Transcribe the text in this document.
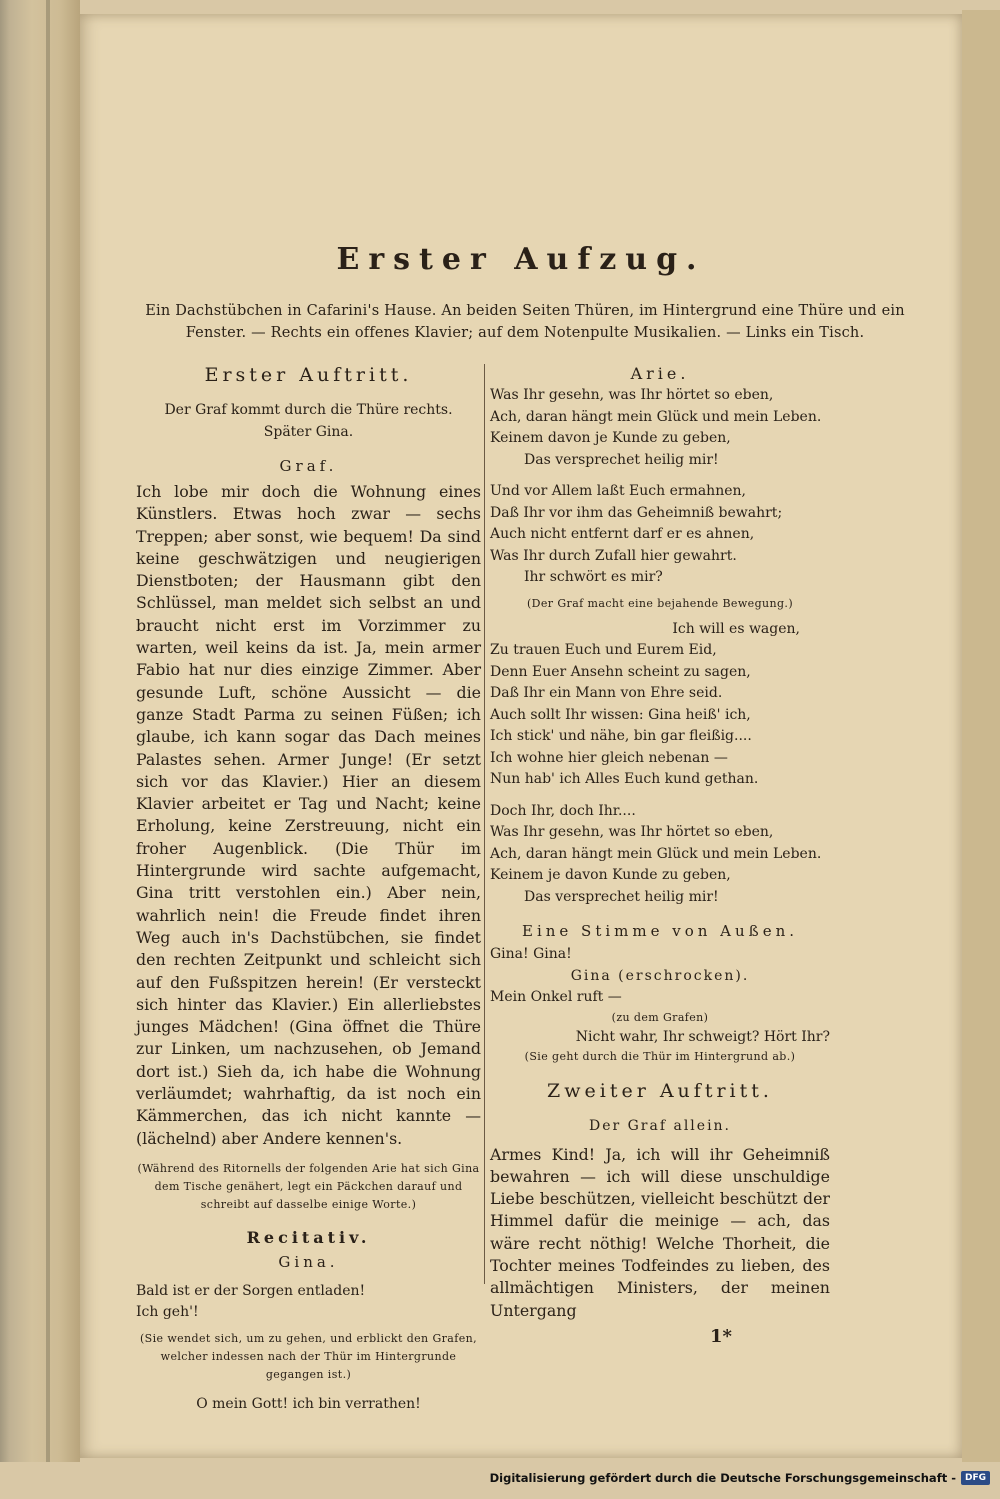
Erster Aufzug.
Ein Dachstübchen in Cafarini's Hause. An beiden Seiten Thüren, im Hintergrund eine Thüre und ein Fenster. — Rechts ein offenes Klavier; auf dem Notenpulte Musikalien. — Links ein Tisch.
Erster Auftritt.
Der Graf kommt durch die Thüre rechts.
Später Gina.
Graf.
Ich lobe mir doch die Wohnung eines Künstlers. Etwas hoch zwar — sechs Treppen; aber sonst, wie bequem! Da sind keine geschwätzigen und neugierigen Dienstboten; der Hausmann gibt den Schlüssel, man meldet sich selbst an und braucht nicht erst im Vorzimmer zu warten, weil keins da ist. Ja, mein armer Fabio hat nur dies einzige Zimmer. Aber gesunde Luft, schöne Aussicht — die ganze Stadt Parma zu seinen Füßen; ich glaube, ich kann sogar das Dach meines Palastes sehen. Armer Junge! (Er setzt sich vor das Klavier.) Hier an diesem Klavier arbeitet er Tag und Nacht; keine Erholung, keine Zerstreuung, nicht ein froher Augenblick. (Die Thür im Hintergrunde wird sachte aufgemacht, Gina tritt verstohlen ein.) Aber nein, wahrlich nein! die Freude findet ihren Weg auch in's Dachstübchen, sie findet den rechten Zeitpunkt und schleicht sich auf den Fußspitzen herein! (Er versteckt sich hinter das Klavier.) Ein allerliebstes junges Mädchen! (Gina öffnet die Thüre zur Linken, um nachzusehen, ob Jemand dort ist.) Sieh da, ich habe die Wohnung verläumdet; wahrhaftig, da ist noch ein Kämmerchen, das ich nicht kannte — (lächelnd) aber Andere kennen's.
(Während des Ritornells der folgenden Arie hat sich Gina dem Tische genähert, legt ein Päckchen darauf und schreibt auf dasselbe einige Worte.)
Recitativ.
Gina.
Bald ist er der Sorgen entladen!
Ich geh'!
(Sie wendet sich, um zu gehen, und erblickt den Grafen, welcher indessen nach der Thür im Hintergrunde gegangen ist.)
O mein Gott! ich bin verrathen!
Arie.
Was Ihr gesehn, was Ihr hörtet so eben,
Ach, daran hängt mein Glück und mein Leben.
Keinem davon je Kunde zu geben,
Das versprechet heilig mir!
Und vor Allem laßt Euch ermahnen,
Daß Ihr vor ihm das Geheimniß bewahrt;
Auch nicht entfernt darf er es ahnen,
Was Ihr durch Zufall hier gewahrt.
Ihr schwört es mir?
(Der Graf macht eine bejahende Bewegung.)
Ich will es wagen,
Zu trauen Euch und Eurem Eid,
Denn Euer Ansehn scheint zu sagen,
Daß Ihr ein Mann von Ehre seid.
Auch sollt Ihr wissen: Gina heiß' ich,
Ich stick' und nähe, bin gar fleißig....
Ich wohne hier gleich nebenan —
Nun hab' ich Alles Euch kund gethan.
Doch Ihr, doch Ihr....
Was Ihr gesehn, was Ihr hörtet so eben,
Ach, daran hängt mein Glück und mein Leben.
Keinem je davon Kunde zu geben,
Das versprechet heilig mir!
Eine Stimme von Außen.
Gina! Gina!
Gina (erschrocken).
Mein Onkel ruft —
(zu dem Grafen)
Nicht wahr, Ihr schweigt? Hört Ihr?
(Sie geht durch die Thür im Hintergrund ab.)
Zweiter Auftritt.
Der Graf allein.
Armes Kind! Ja, ich will ihr Geheimniß bewahren — ich will diese unschuldige Liebe beschützen, vielleicht beschützt der Himmel dafür die meinige — ach, das wäre recht nöthig! Welche Thorheit, die Tochter meines Todfeindes zu lieben, des allmächtigen Ministers, der meinen Untergang
1*
Digitalisierung gefördert durch die Deutsche Forschungsgemeinschaft -	DFG
